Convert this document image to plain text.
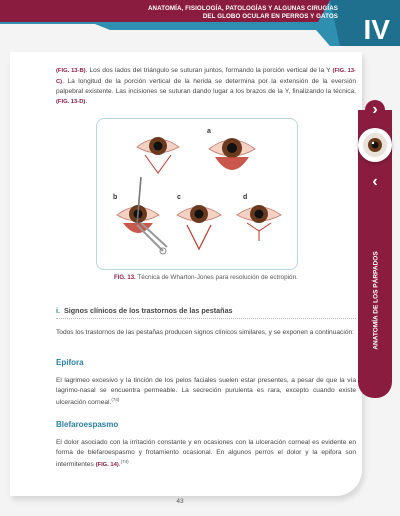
ANATOMÍA, FISIOLOGÍA, PATOLOGÍAS Y ALGUNAS CIRUGÍAS
DEL GLOBO OCULAR EN PERROS Y GATOS IV
›
‹
ANATOMÍA DE LOS PÁRPADOS
(FIG. 13-B). Los dos lados del triángulo se suturan juntos, formando la porción vertical de la Y (FIG. 13-C). La longitud de la porción vertical de la herida se determina por la extensión de la eversión palpebral existente. Las incisiones se suturan dando lugar a los brazos de la Y, finalizando la técnica. (FIG. 13-D).
a
b	c	d
FIG. 13. Técnica de Wharton-Jones para resolución de ectropión.
i. Signos clínicos de los trastornos de las pestañas
Todos los trastornos de las pestañas producen signos clínicos similares, y se exponen a continuación:
Epifora
El lagrimeo excesivo y la tinción de los pelos faciales suelen estar presentes, a pesar de que la vía lagrimo-nasal se encuentra permeable. La secreción purulenta es rara, excepto cuando existe ulceración corneal.$^{(74)}$
Blefaroespasmo
El dolor asociado con la irritación constante y en ocasiones con la ulceración corneal es evidente en forma de blefaroespasmo y frotamiento ocasional. En algunos perros el dolor y la epifora son intermitentes (FIG. 14).$^{(74)}$
43
